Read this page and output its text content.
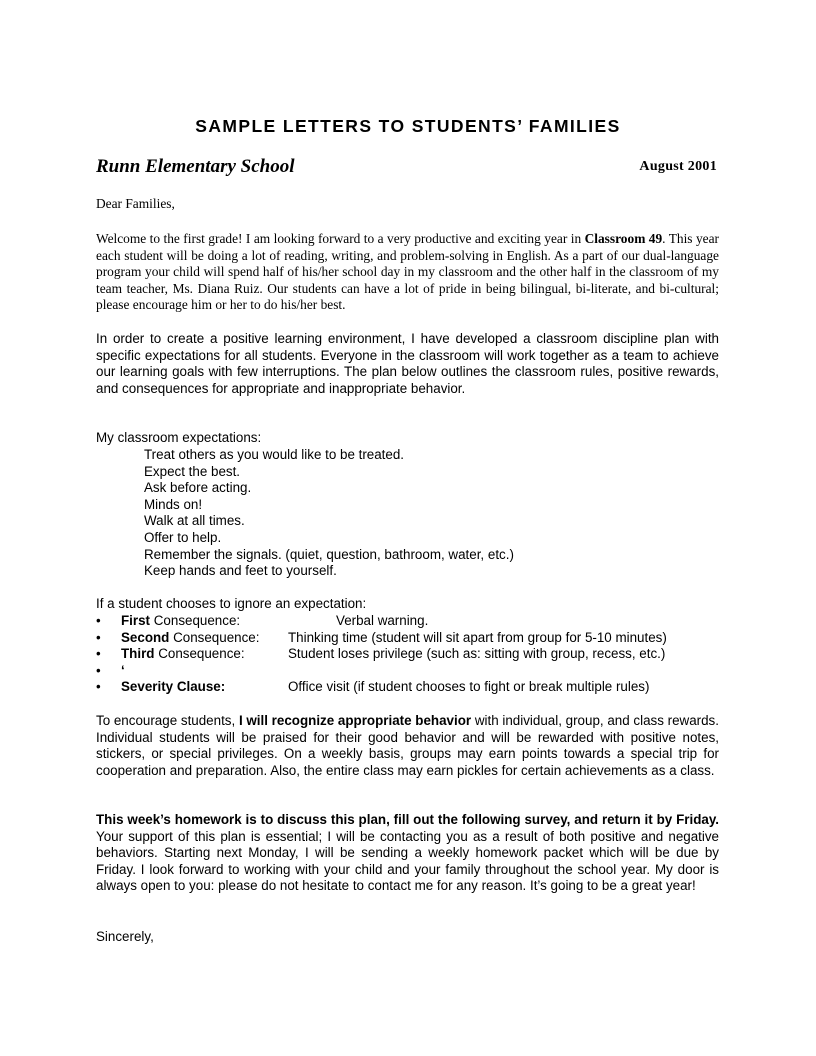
SAMPLE LETTERS TO STUDENTS’ FAMILIES
Runn Elementary School	August 2001
Dear Families,
Welcome to the first grade! I am looking forward to a very productive and exciting year in Classroom 49. This year each student will be doing a lot of reading, writing, and problem-solving in English. As a part of our dual-language program your child will spend half of his/her school day in my classroom and the other half in the classroom of my team teacher, Ms. Diana Ruiz. Our students can have a lot of pride in being bilingual, bi-literate, and bi-cultural; please encourage him or her to do his/her best.
In order to create a positive learning environment, I have developed a classroom discipline plan with specific expectations for all students. Everyone in the classroom will work together as a team to achieve our learning goals with few interruptions. The plan below outlines the classroom rules, positive rewards, and consequences for appropriate and inappropriate behavior.
My classroom expectations:
Treat others as you would like to be treated.
Expect the best.
Ask before acting.
Minds on!
Walk at all times.
Offer to help.
Remember the signals. (quiet, question, bathroom, water, etc.)
Keep hands and feet to yourself.
If a student chooses to ignore an expectation:
•	First Consequence:	Verbal warning.
•	Second Consequence: Thinking time (student will sit apart from group for 5-10 minutes)
•	Third Consequence:	Student loses privilege (such as: sitting with group, recess, etc.)
•	‘
•	Severity Clause:	Office visit (if student chooses to fight or break multiple rules)
To encourage students, I will recognize appropriate behavior with individual, group, and class rewards. Individual students will be praised for their good behavior and will be rewarded with positive notes, stickers, or special privileges. On a weekly basis, groups may earn points towards a special trip for cooperation and preparation. Also, the entire class may earn pickles for certain achievements as a class.
This week’s homework is to discuss this plan, fill out the following survey, and return it by Friday. Your support of this plan is essential; I will be contacting you as a result of both positive and negative behaviors. Starting next Monday, I will be sending a weekly homework packet which will be due by Friday. I look forward to working with your child and your family throughout the school year. My door is always open to you: please do not hesitate to contact me for any reason. It’s going to be a great year!
Sincerely,
